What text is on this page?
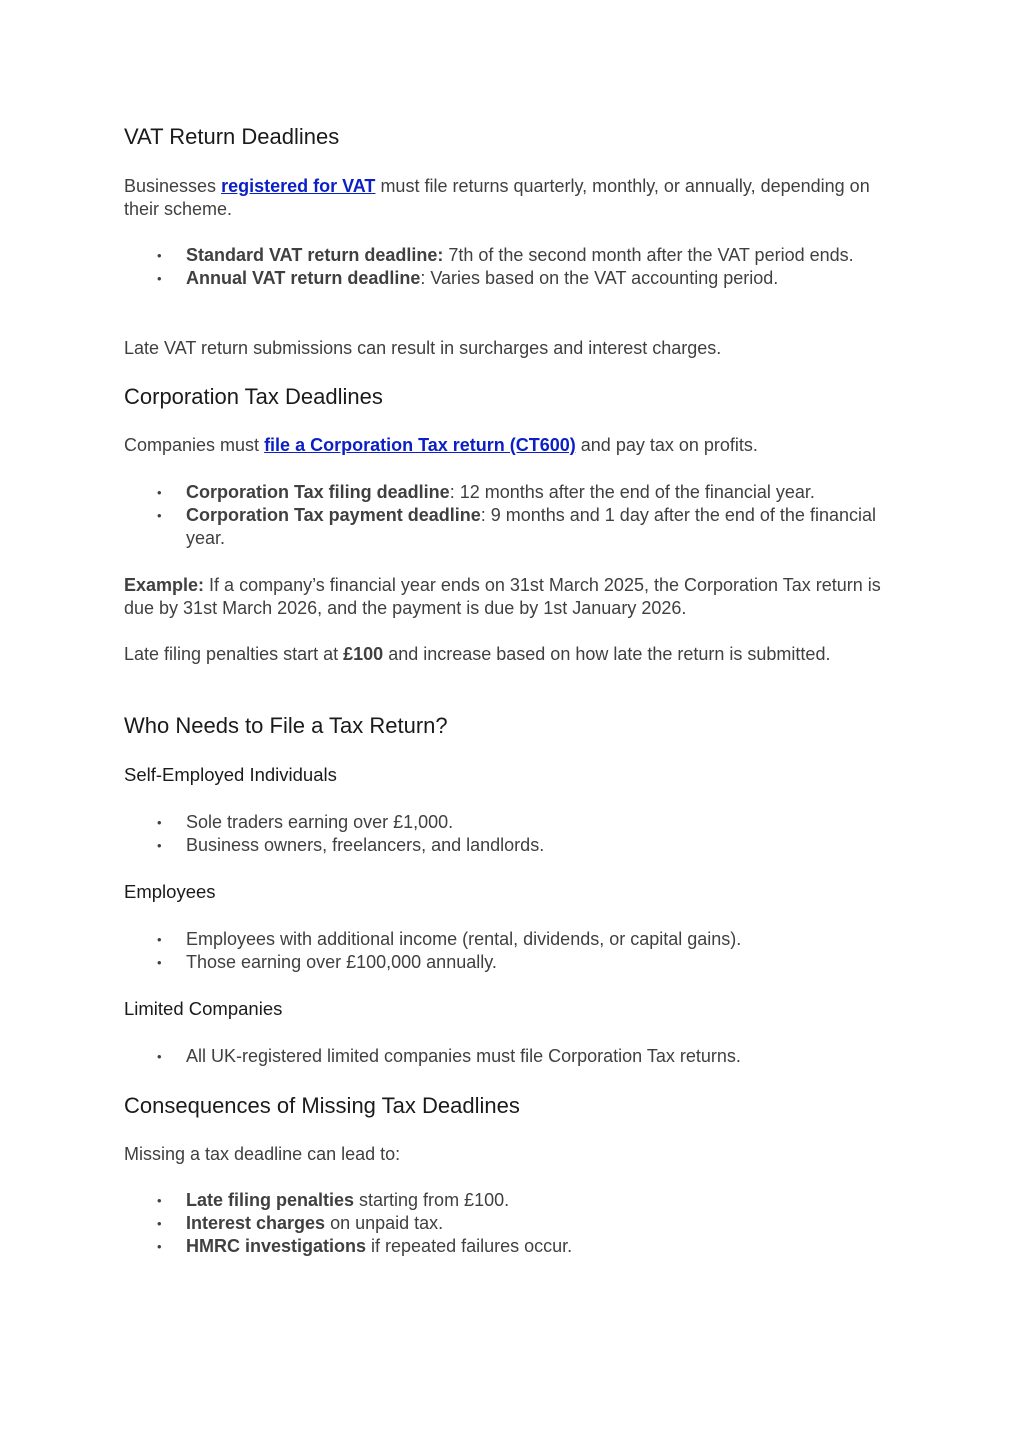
VAT Return Deadlines

Businesses registered for VAT must file returns quarterly, monthly, or annually, depending on their scheme.

• Standard VAT return deadline: 7th of the second month after the VAT period ends.
• Annual VAT return deadline: Varies based on the VAT accounting period.

Late VAT return submissions can result in surcharges and interest charges.

Corporation Tax Deadlines

Companies must file a Corporation Tax return (CT600) and pay tax on profits.

• Corporation Tax filing deadline: 12 months after the end of the financial year.
• Corporation Tax payment deadline: 9 months and 1 day after the end of the financial year.

Example: If a company’s financial year ends on 31st March 2025, the Corporation Tax return is due by 31st March 2026, and the payment is due by 1st January 2026.

Late filing penalties start at £100 and increase based on how late the return is submitted.

Who Needs to File a Tax Return?
Self-Employed Individuals
• Sole traders earning over £1,000.
• Business owners, freelancers, and landlords.
Employees
• Employees with additional income (rental, dividends, or capital gains).
• Those earning over £100,000 annually.
Limited Companies
• All UK-registered limited companies must file Corporation Tax returns.
Consequences of Missing Tax Deadlines

Missing a tax deadline can lead to:

• Late filing penalties starting from £100.
• Interest charges on unpaid tax.
• HMRC investigations if repeated failures occur.
